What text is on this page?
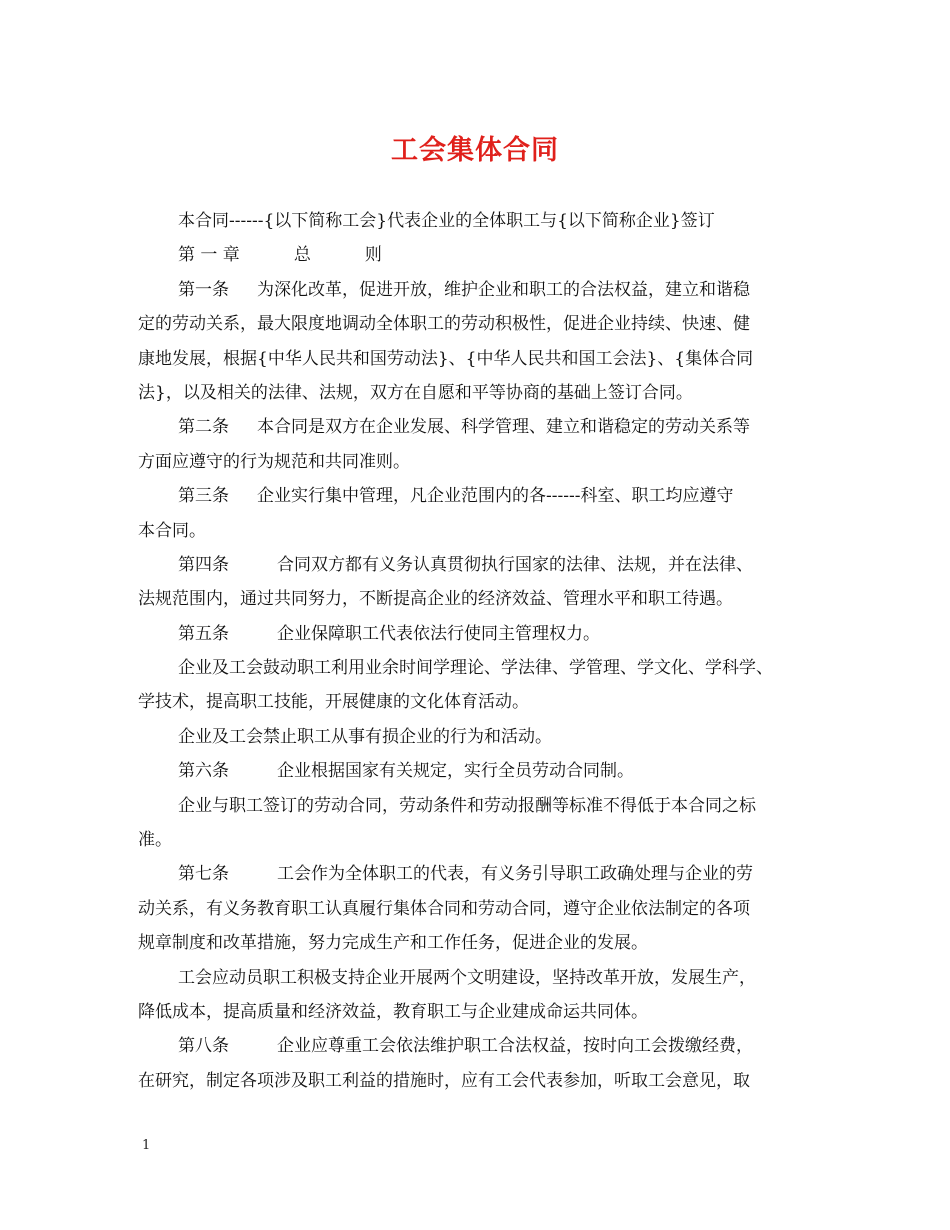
工会集体合同
本合同------{以下简称工会}代表企业的全体职工与{以下简称企业}签订
第 一 章	总	则
第一条 为深化改革，促进开放，维护企业和职工的合法权益，建立和谐稳
定的劳动关系，最大限度地调动全体职工的劳动积极性，促进企业持续、快速、健
康地发展，根据{中华人民共和国劳动法}、{中华人民共和国工会法}、{集体合同
法}，以及相关的法律、法规，双方在自愿和平等协商的基础上签订合同。
第二条 本合同是双方在企业发展、科学管理、建立和谐稳定的劳动关系等
方面应遵守的行为规范和共同准则。
第三条 企业实行集中管理，凡企业范围内的各------科室、职工均应遵守
本合同。
第四条	合同双方都有义务认真贯彻执行国家的法律、法规，并在法律、
法规范围内，通过共同努力，不断提高企业的经济效益、管理水平和职工待遇。
第五条	企业保障职工代表依法行使同主管理权力。
企业及工会鼓动职工利用业余时间学理论、学法律、学管理、学文化、学科学、
学技术，提高职工技能，开展健康的文化体育活动。
企业及工会禁止职工从事有损企业的行为和活动。
第六条	企业根据国家有关规定，实行全员劳动合同制。
企业与职工签订的劳动合同，劳动条件和劳动报酬等标准不得低于本合同之标
准。
第七条	工会作为全体职工的代表，有义务引导职工政确处理与企业的劳
动关系，有义务教育职工认真履行集体合同和劳动合同，遵守企业依法制定的各项
规章制度和改革措施，努力完成生产和工作任务，促进企业的发展。
工会应动员职工积极支持企业开展两个文明建设，坚持改革开放，发展生产，
降低成本，提高质量和经济效益，教育职工与企业建成命运共同体。
第八条	企业应尊重工会依法维护职工合法权益，按时向工会拨缴经费，
在研究，制定各项涉及职工利益的措施时，应有工会代表参加，听取工会意见，取
1
